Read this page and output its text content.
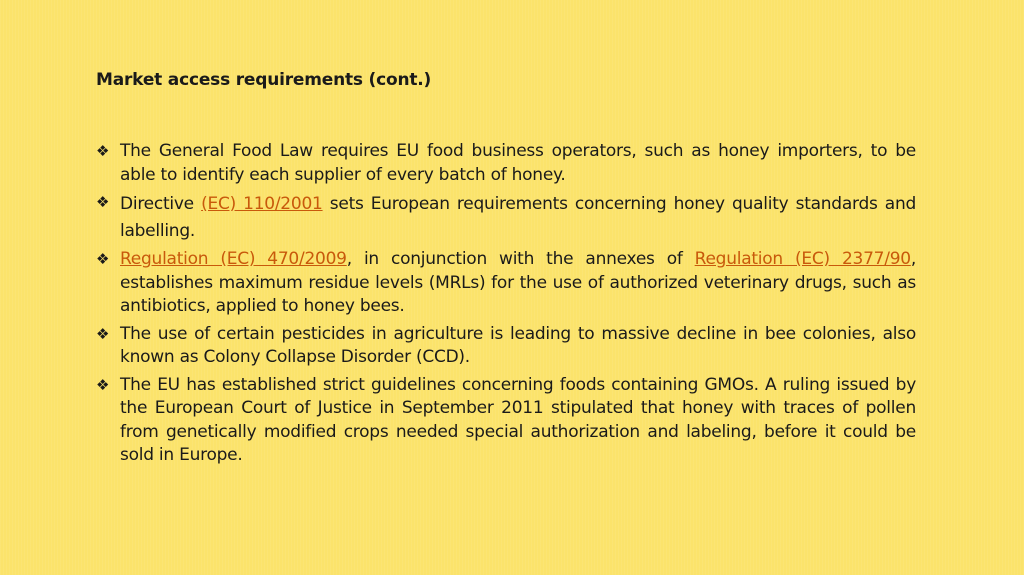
Market access requirements (cont.)
❖ The General Food Law requires EU food business operators, such as honey importers, to be able to identify each supplier of every batch of honey.
❖ Directive (EC) 110/2001 sets European requirements concerning honey quality standards and labelling.
❖ Regulation (EC) 470/2009, in conjunction with the annexes of Regulation (EC) 2377/90, establishes maximum residue levels (MRLs) for the use of authorized veterinary drugs, such as antibiotics, applied to honey bees.
❖ The use of certain pesticides in agriculture is leading to massive decline in bee colonies, also known as Colony Collapse Disorder (CCD).
❖ The EU has established strict guidelines concerning foods containing GMOs. A ruling issued by the European Court of Justice in September 2011 stipulated that honey with traces of pollen from genetically modified crops needed special authorization and labeling, before it could be sold in Europe.
